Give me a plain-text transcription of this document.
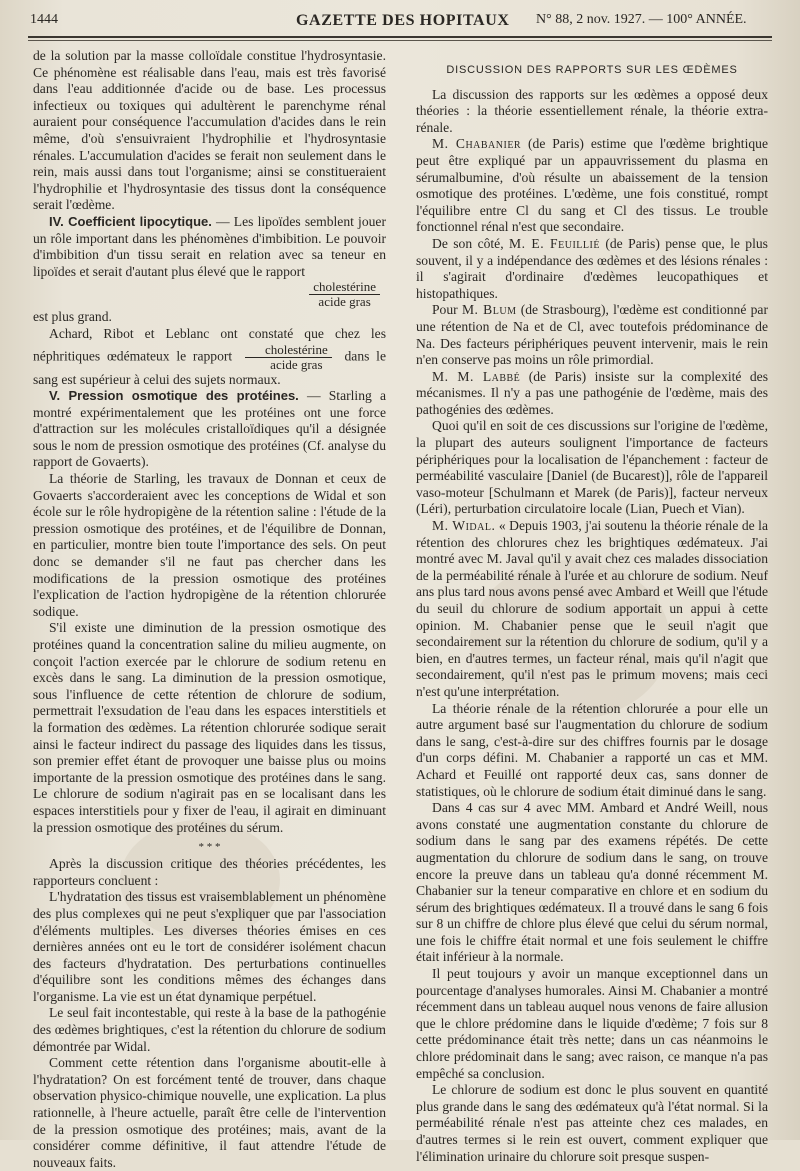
1444	GAZETTE DES HOPITAUX N° 88, 2 nov. 1927. — 100° ANNÉE.

de la solution par la masse colloïdale constitue l'hydrosyntasie. Ce phénomène est réalisable dans l'eau, mais est très favorisé dans l'eau additionnée d'acide ou de base. Les processus infectieux ou toxiques qui adultèrent le parenchyme rénal auraient pour conséquence l'accumulation d'acides dans le rein même, d'où s'ensuivraient l'hydrophilie et l'hydrosyntasie rénales. L'accumulation d'acides se ferait non seulement dans le rein, mais aussi dans tout l'organisme; ainsi se constitueraient l'hydrophilie et l'hydrosyntasie des tissus dont la conséquence serait l'œdème.

IV. Coefficient lipocytique. — Les lipoïdes semblent jouer un rôle important dans les phénomènes d'imbibition. Le pouvoir d'imbibition d'un tissu serait en relation avec sa teneur en lipoïdes et serait d'autant plus élevé que le rapport

$\frac{\text{cholestérine}}{\text{acide gras}}$

est plus grand.

Achard, Ribot et Leblanc ont constaté que chez les néphritiques œdémateux le rapport $\frac{\text{cholestérine}}{\text{acide gras}}$ dans le sang est supérieur à celui des sujets normaux.

V. Pression osmotique des protéines. — Starling a montré expérimentalement que les protéines ont une force d'attraction sur les molécules cristalloïdiques qu'il a désignée sous le nom de pression osmotique des protéines (Cf. analyse du rapport de Govaerts).

La théorie de Starling, les travaux de Donnan et ceux de Govaerts s'accorderaient avec les conceptions de Widal et son école sur le rôle hydropigène de la rétention saline : l'étude de la pression osmotique des protéines, et de l'équilibre de Donnan, en particulier, montre bien toute l'importance des sels. On peut donc se demander s'il ne faut pas chercher dans les modifications de la pression osmotique des protéines l'explication de l'action hydropigène de la rétention chlorurée sodique.

S'il existe une diminution de la pression osmotique des protéines quand la concentration saline du milieu augmente, on conçoit l'action exercée par le chlorure de sodium retenu en excès dans le sang. La diminution de la pression osmotique, sous l'influence de cette rétention de chlorure de sodium, permettrait l'exsudation de l'eau dans les espaces interstitiels et la formation des œdèmes. La rétention chlorurée sodique serait ainsi le facteur indirect du passage des liquides dans les tissus, son premier effet étant de provoquer une baisse plus ou moins importante de la pression osmotique des protéines dans le sang. Le chlorure de sodium n'agirait pas en se localisant dans les espaces interstitiels pour y fixer de l'eau, il agirait en diminuant la pression osmotique des protéines du sérum.

* * *

Après la discussion critique des théories précédentes, les rapporteurs concluent :

L'hydratation des tissus est vraisemblablement un phénomène des plus complexes qui ne peut s'expliquer que par l'association d'éléments multiples. Les diverses théories émises en ces dernières années ont eu le tort de considérer isolément chacun des facteurs d'hydratation. Des perturbations continuelles d'équilibre sont les conditions mêmes des échanges dans l'organisme. La vie est un état dynamique perpétuel.

Le seul fait incontestable, qui reste à la base de la pathogénie des œdèmes brightiques, c'est la rétention du chlorure de sodium démontrée par Widal.

Comment cette rétention dans l'organisme aboutit-elle à l'hydratation? On est forcément tenté de trouver, dans chaque observation physico-chimique nouvelle, une explication. La plus rationnelle, à l'heure actuelle, paraît être celle de l'intervention de la pression osmotique des protéines; mais, avant de la considérer comme définitive, il faut attendre l'étude de nouveaux faits.

DISCUSSION DES RAPPORTS SUR LES ŒDÈMES

La discussion des rapports sur les œdèmes a opposé deux théories : la théorie essentiellement rénale, la théorie extra-rénale.

M. Chabanier (de Paris) estime que l'œdème brightique peut être expliqué par un appauvrissement du plasma en sérumalbumine, d'où résulte un abaissement de la tension osmotique des protéines. L'œdème, une fois constitué, rompt l'équilibre entre Cl du sang et Cl des tissus. Le trouble fonctionnel rénal n'est que secondaire.

De son côté, M. E. Feuillié (de Paris) pense que, le plus souvent, il y a indépendance des œdèmes et des lésions rénales : il s'agirait d'ordinaire d'œdèmes leucopathiques et histopathiques.

Pour M. Blum (de Strasbourg), l'œdème est conditionné par une rétention de Na et de Cl, avec toutefois prédominance de Na. Des facteurs périphériques peuvent intervenir, mais le rein n'en conserve pas moins un rôle primordial.

M. M. Labbé (de Paris) insiste sur la complexité des mécanismes. Il n'y a pas une pathogénie de l'œdème, mais des pathogénies des œdèmes.

Quoi qu'il en soit de ces discussions sur l'origine de l'œdème, la plupart des auteurs soulignent l'importance de facteurs périphériques pour la localisation de l'épanchement : facteur de perméabilité vasculaire [Daniel (de Bucarest)], rôle de l'appareil vaso-moteur [Schulmann et Marek (de Paris)], facteur nerveux (Léri), perturbation circulatoire locale (Lian, Puech et Vian).

M. Widal. « Depuis 1903, j'ai soutenu la théorie rénale de la rétention des chlorures chez les brightiques œdémateux. J'ai montré avec M. Javal qu'il y avait chez ces malades dissociation de la perméabilité rénale à l'urée et au chlorure de sodium. Neuf ans plus tard nous avons pensé avec Ambard et Weill que l'étude du seuil du chlorure de sodium apportait un appui à cette opinion. M. Chabanier pense que le seuil n'agit que secondairement sur la rétention du chlorure de sodium, qu'il y a bien, en d'autres termes, un facteur rénal, mais qu'il n'agit que secondairement, qu'il n'est pas le primum movens; mais ceci n'est qu'une interprétation.

La théorie rénale de la rétention chlorurée a pour elle un autre argument basé sur l'augmentation du chlorure de sodium dans le sang, c'est-à-dire sur des chiffres fournis par le dosage d'un corps défini. M. Chabanier a rapporté un cas et MM. Achard et Feuillé ont rapporté deux cas, sans donner de statistiques, où le chlorure de sodium était diminué dans le sang.

Dans 4 cas sur 4 avec MM. Ambard et André Weill, nous avons constaté une augmentation constante du chlorure de sodium dans le sang par des examens répétés. De cette augmentation du chlorure de sodium dans le sang, on trouve encore la preuve dans un tableau qu'a donné récemment M. Chabanier sur la teneur comparative en chlore et en sodium du sérum des brightiques œdémateux. Il a trouvé dans le sang 6 fois sur 8 un chiffre de chlore plus élevé que celui du sérum normal, une fois le chiffre était normal et une fois seulement le chiffre était inférieur à la normale.

Il peut toujours y avoir un manque exceptionnel dans un pourcentage d'analyses humorales. Ainsi M. Chabanier a montré récemment dans un tableau auquel nous venons de faire allusion que le chlore prédomine dans le liquide d'œdème; 7 fois sur 8 cette prédominance était très nette; dans un cas néanmoins le chlore prédominait dans le sang; avec raison, ce manque n'a pas empêché sa conclusion.

Le chlorure de sodium est donc le plus souvent en quantité plus grande dans le sang des œdémateux qu'à l'état normal. Si la perméabilité rénale n'est pas atteinte chez ces malades, en d'autres termes si le rein est ouvert, comment expliquer que l'élimination urinaire du chlorure soit presque suspen-
